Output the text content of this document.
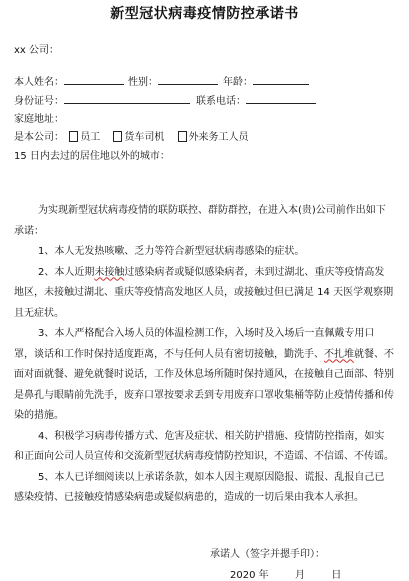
新型冠状病毒疫情防控承诺书
xx 公司：
本人姓名：	性别：	年龄：
身份证号：	联系电话：
家庭地址：
是本公司： 员工 货车司机 外来务工人员
15 日内去过的居住地以外的城市：

为实现新型冠状病毒疫情的联防联控、群防群控，在进入本(贵)公司前作出如下承诺：

1、本人无发热咳嗽、乏力等符合新型冠状病毒感染的症状。

2、本人近期未接触过感染病者或疑似感染病者，未到过湖北、重庆等疫情高发地区，未接触过湖北、重庆等疫情高发地区人员，或接触过但已满足 14 天医学观察期且无症状。

3、本人严格配合入场人员的体温检测工作，入场时及入场后一直佩戴专用口罩，谈话和工作时保持适度距离，不与任何人员有密切接触，勤洗手、不扎堆就餐、不面对面就餐、避免就餐时说话，工作及休息场所随时保持通风，在接触自己面部、特别是鼻孔与眼睛前先洗手，废弃口罩按要求丢到专用废弃口罩收集桶等防止疫情传播和传染的措施。

4、积极学习病毒传播方式、危害及症状、相关防护措施、疫情防控指南，如实和正面向公司人员宣传和交流新型冠状病毒疫情防控知识，不造谣、不信谣、不传谣。

5、本人已详细阅读以上承诺条款，如本人因主观原因隐报、谎报、乱报自己已感染疫情、已接触疫情感染病患或疑似病患的，造成的一切后果由我本人承担。

承诺人（签字并摁手印）：
2020 年	月	日
